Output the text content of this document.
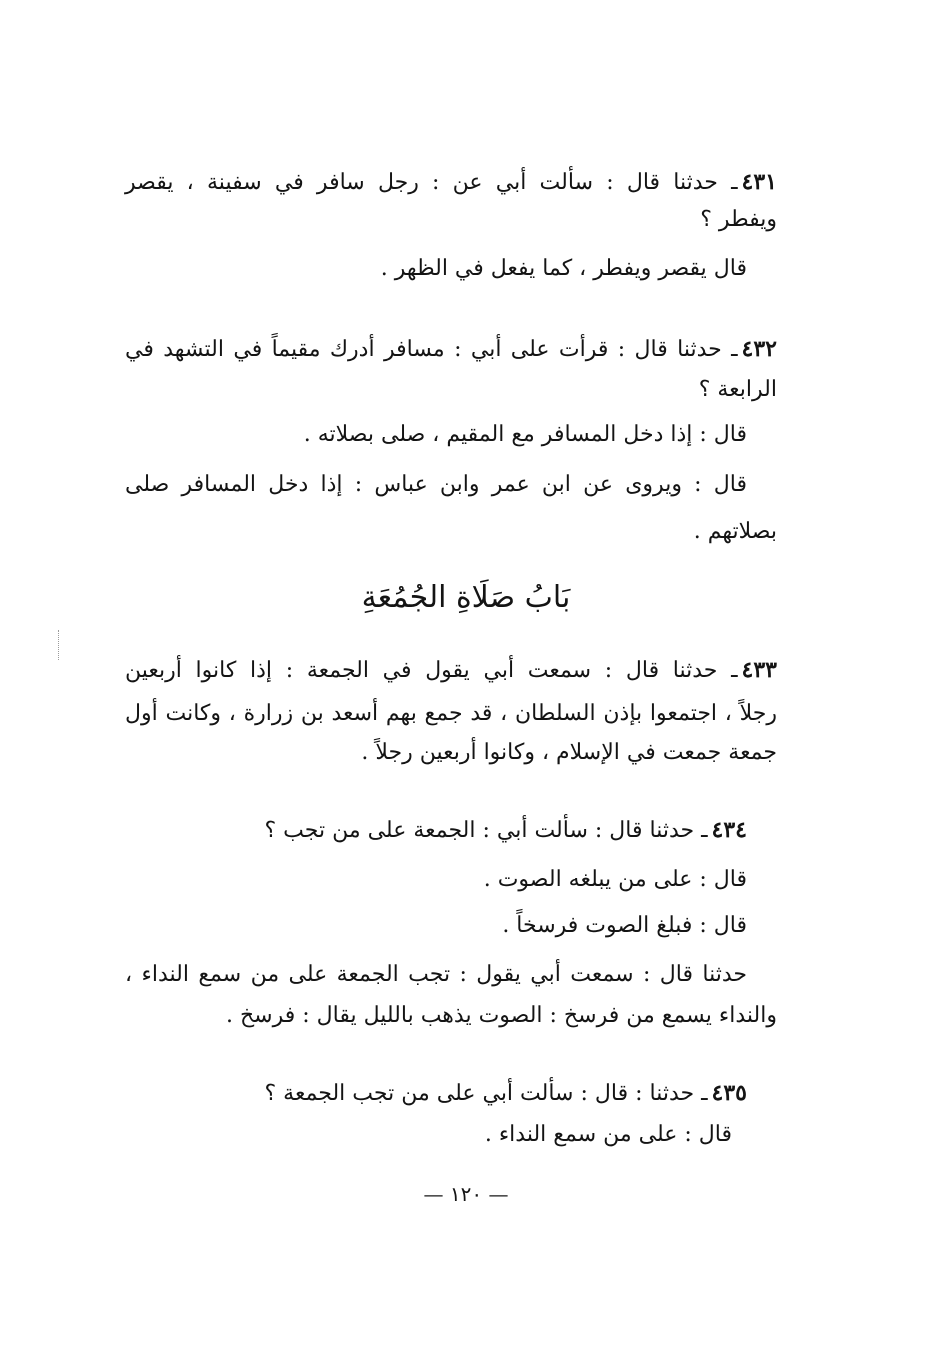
٤٣١ـ حدثنا قال : سألت أبي عن : رجل سافر في سفينة ، يقصر
ويفطر ؟
قال يقصر ويفطر ، كما يفعل في الظهر .
٤٣٢ـ حدثنا قال : قرأت على أبي : مسافر أدرك مقيماً في التشهد في
الرابعة ؟
قال : إذا دخل المسافر مع المقيم ، صلى بصلاته .
قال : ويروى عن ابن عمر وابن عباس : إذا دخل المسافر صلى
بصلاتهم .
بَابُ صَلَاةِ الجُمُعَةِ
٤٣٣ـ حدثنا قال : سمعت أبي يقول في الجمعة : إذا كانوا أربعين
رجلاً ، اجتمعوا بإذن السلطان ، قد جمع بهم أسعد بن زرارة ، وكانت أول
جمعة جمعت في الإسلام ، وكانوا أربعين رجلاً .
٤٣٤ـ حدثنا قال : سألت أبي : الجمعة على من تجب ؟
قال : على من يبلغه الصوت .
قال : فبلغ الصوت فرسخاً .
حدثنا قال : سمعت أبي يقول : تجب الجمعة على من سمع النداء ،
والنداء يسمع من فرسخ : الصوت يذهب بالليل يقال : فرسخ .
٤٣٥ـ حدثنا : قال : سألت أبي على من تجب الجمعة ؟
قال : على من سمع النداء .
— ١٢٠ —
